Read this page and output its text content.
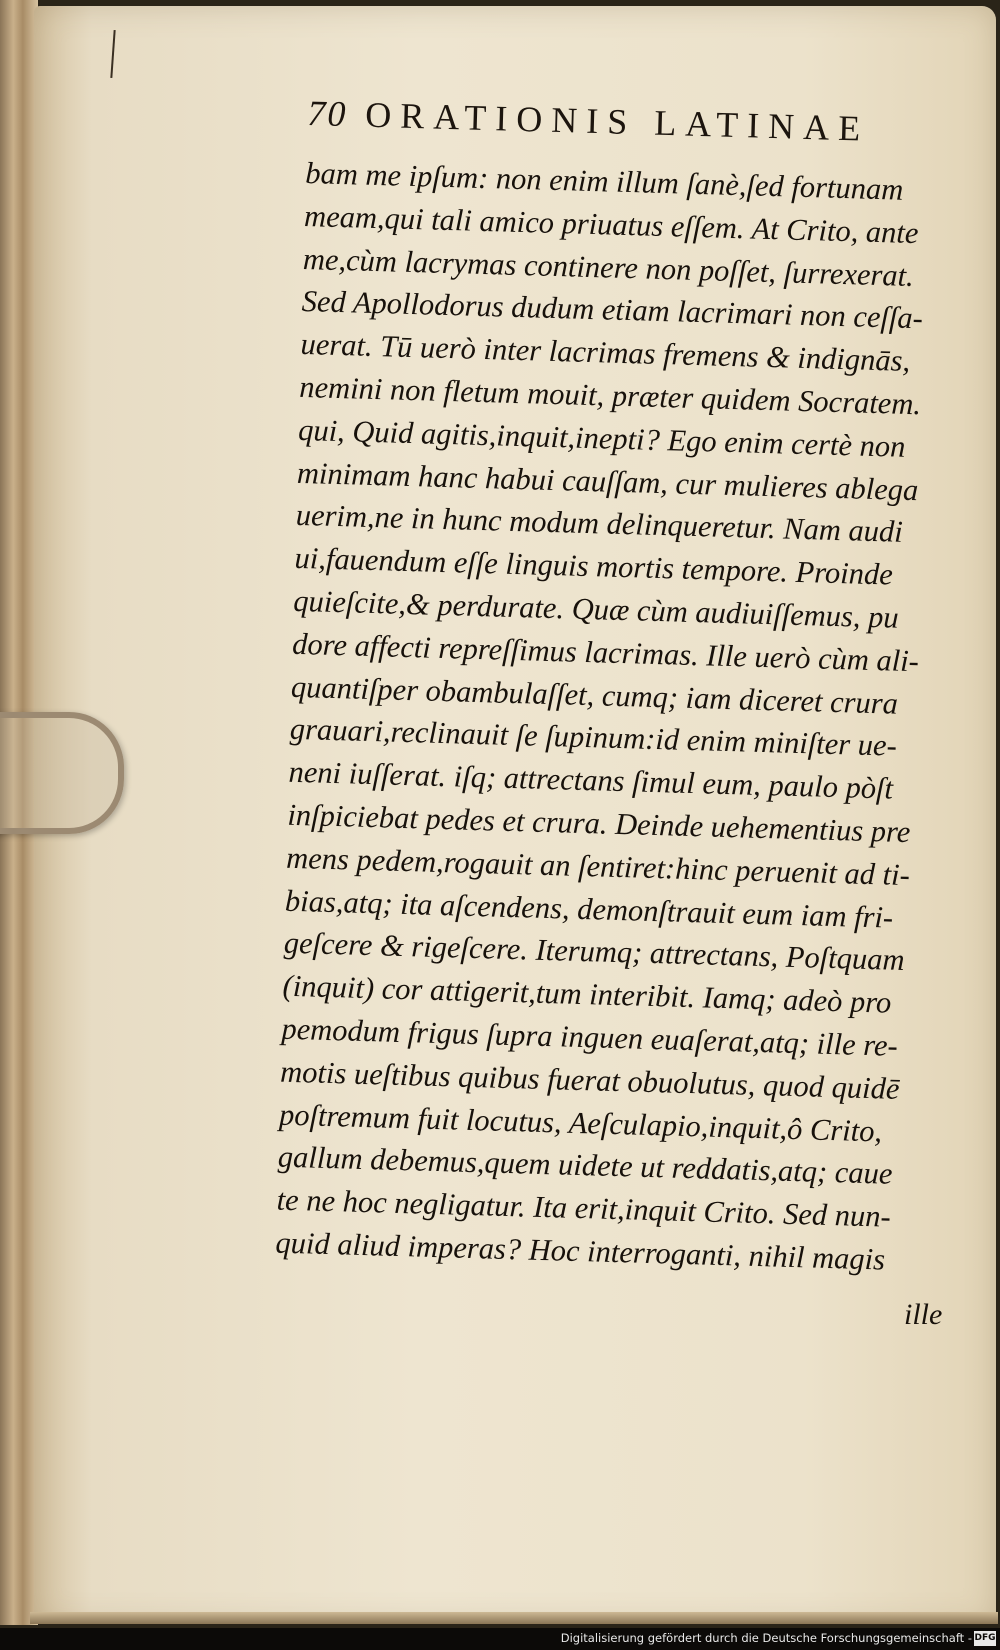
70 ORATIONIS LATINAE
bam me ipſum: non enim illum ſanè,ſed fortunam
meam,qui tali amico priuatus eſſem. At Crito, ante
me,cùm lacrymas continere non poſſet, ſurrexerat.
Sed Apollodorus dudum etiam lacrimari non ceſſa-
uerat. Tū uerò inter lacrimas fremens & indignās,
nemini non fletum mouit, præter quidem Socratem.
qui, Quid agitis,inquit,inepti? Ego enim certè non
minimam hanc habui cauſſam, cur mulieres ablega
uerim,ne in hunc modum delinqueretur. Nam audi
ui,fauendum eſſe linguis mortis tempore. Proinde
quieſcite,& perdurate. Quæ cùm audiuiſſemus, pu
dore affecti repreſſimus lacrimas. Ille uerò cùm ali-
quantiſper obambulaſſet, cumq; iam diceret crura
grauari,reclinauit ſe ſupinum:id enim miniſter ue-
neni iuſſerat. iſq; attrectans ſimul eum, paulo pòſt
inſpiciebat pedes et crura. Deinde uehementius pre
mens pedem,rogauit an ſentiret:hinc peruenit ad ti-
bias,atq; ita aſcendens, demonſtrauit eum iam fri-
geſcere & rigeſcere. Iterumq; attrectans, Poſtquam
(inquit) cor attigerit,tum interibit. Iamq; adeò pro
pemodum frigus ſupra inguen euaſerat,atq; ille re-
motis ueſtibus quibus fuerat obuolutus, quod quidē
poſtremum fuit locutus, Aeſculapio,inquit,ô Crito,
gallum debemus,quem uidete ut reddatis,atq; caue
te ne hoc negligatur. Ita erit,inquit Crito. Sed nun-
quid aliud imperas? Hoc interroganti, nihil magis
ille
Digitalisierung gefördert durch die Deutsche Forschungsgemeinschaft - DFG
